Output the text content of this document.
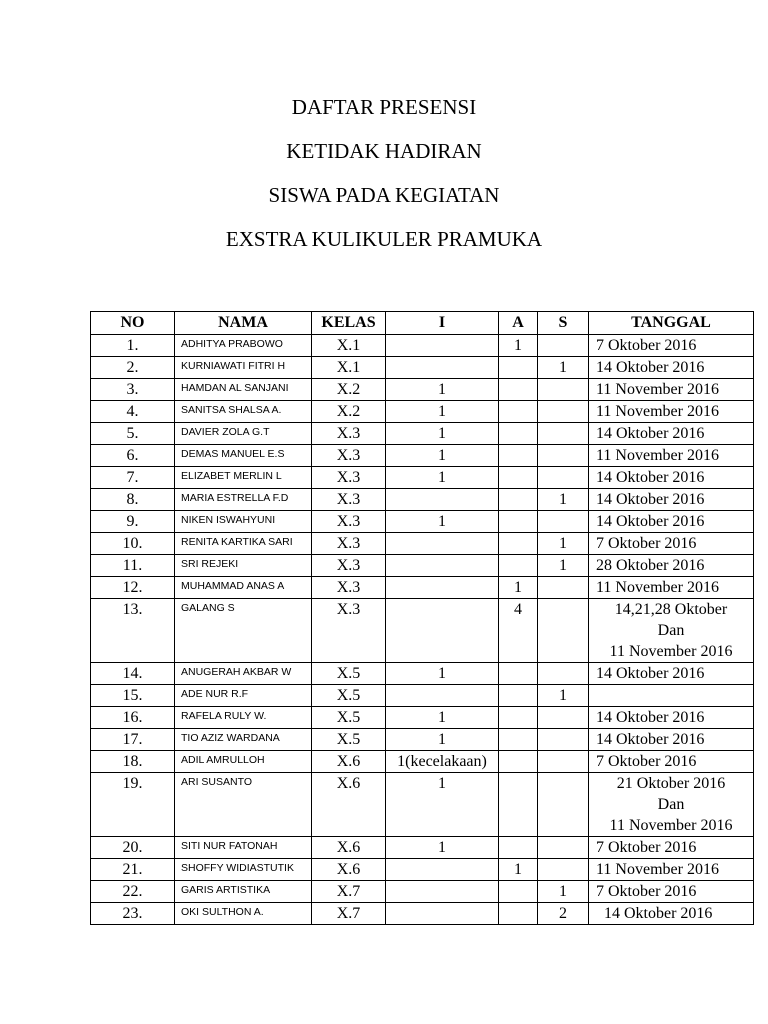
DAFTAR PRESENSI
KETIDAK HADIRAN
SISWA PADA KEGIATAN
EXSTRA KULIKULER PRAMUKA
NO	NAMA	KELAS	I	A	S	TANGGAL
1.	ADHITYA PRABOWO	X.1		1		7 Oktober 2016

2.	KURNIAWATI FITRI H	X.1			1	14 Oktober 2016

3.	HAMDAN AL SANJANI	X.2	1			11 November 2016

4.	SANITSA SHALSA A.	X.2	1			11 November 2016

5.	DAVIER ZOLA G.T	X.3	1			14 Oktober 2016

6.	DEMAS MANUEL E.S	X.3	1			11 November 2016

7.	ELIZABET MERLIN L	X.3	1			14 Oktober 2016

8.	MARIA ESTRELLA F.D	X.3			1	14 Oktober 2016

9.	NIKEN ISWAHYUNI	X.3	1			14 Oktober 2016

10.	RENITA KARTIKA SARI	X.3			1	7 Oktober 2016

11.	SRI REJEKI	X.3			1	28 Oktober 2016

12.	MUHAMMAD ANAS A	X.3		1		11 November 2016

13.	GALANG S	X.3		4		14,21,28 Oktober
Dan
11 November 2016

14.	ANUGERAH AKBAR W	X.5	1			14 Oktober 2016

15.	ADE NUR R.F	X.5			1	

16.	RAFELA RULY W.	X.5	1			14 Oktober 2016

17.	TIO AZIZ WARDANA	X.5	1			14 Oktober 2016

18.	ADIL AMRULLOH	X.6	1(kecelakaan)			7 Oktober 2016

19.	ARI SUSANTO	X.6	1			21 Oktober 2016
Dan
11 November 2016

20.	SITI NUR FATONAH	X.6	1			7 Oktober 2016

21.	SHOFFY WIDIASTUTIK	X.6		1		11 November 2016

22.	GARIS ARTISTIKA	X.7			1	7 Oktober 2016

23.	OKI SULTHON A.	X.7			2	14 Oktober 2016
